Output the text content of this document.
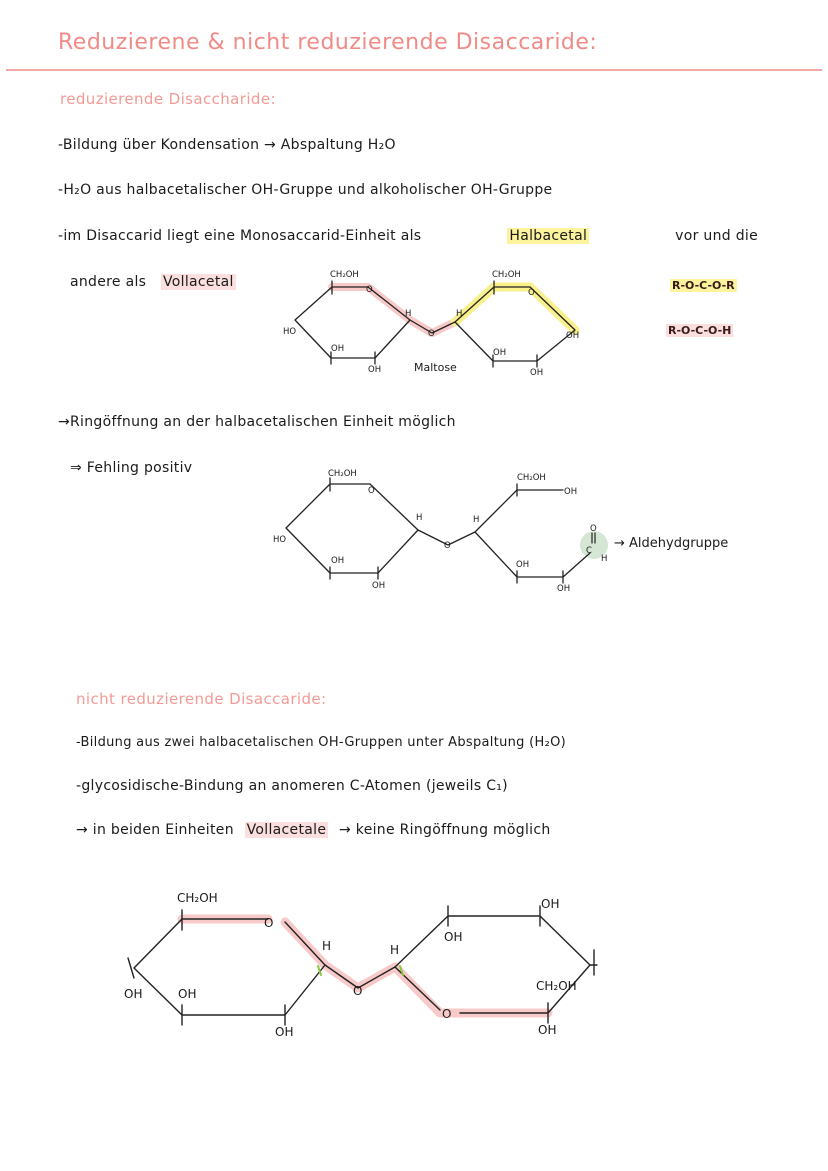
Reduzierene & nicht reduzierende Disaccaride:
reduzierende Disaccharide:
-Bildung über Kondensation → Abspaltung H₂O
-H₂O aus halbacetalischer OH-Gruppe und alkoholischer OH-Gruppe
-im Disaccarid liegt eine Monosaccarid-Einheit als	Halbacetal	vor und die
andere als Vollacetal	R-O-C-O-R
R-O-C-O-H
CH₂OH
O
HO
H
OH
OH
O
CH₂OH
O
H
OH
OH
OH
Maltose
CH₂OH
O
HO
H
OH
OH
O
CH₂OH
OH
H
OH
OH
O
C
H
→ Aldehydgruppe
CH₂OH
O
H
OH	OH
OH
O
H
OH
OH
O
CH₂OH
OH
→Ringöffnung an der halbacetalischen Einheit möglich
⇒ Fehling positiv
nicht reduzierende Disaccaride:
-Bildung aus zwei halbacetalischen OH-Gruppen unter Abspaltung (H₂O)
-glycosidische-Bindung an anomeren C-Atomen (jeweils C₁)
→ in beiden Einheiten Vollacetale → keine Ringöffnung möglich
